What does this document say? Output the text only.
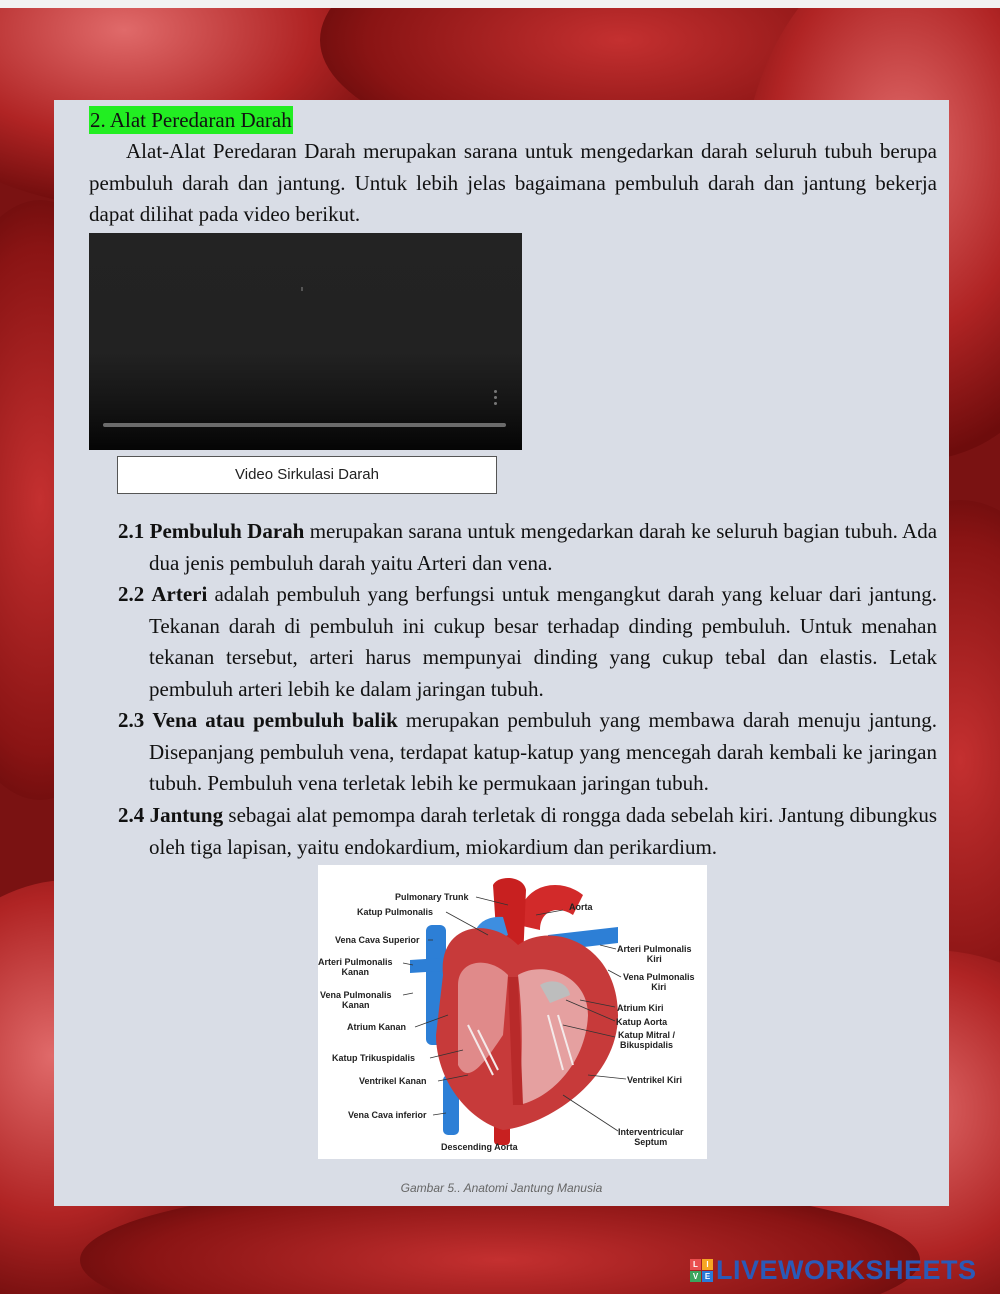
2. Alat Peredaran Darah
Alat-Alat Peredaran Darah merupakan sarana untuk mengedarkan darah seluruh tubuh berupa pembuluh darah dan jantung. Untuk lebih jelas bagaimana pembuluh darah dan jantung bekerja dapat dilihat pada video berikut.
Video Sirkulasi Darah
2.1 Pembuluh Darah merupakan sarana untuk mengedarkan darah ke seluruh bagian tubuh. Ada dua jenis pembuluh darah yaitu Arteri dan vena.
2.2 Arteri adalah pembuluh yang berfungsi untuk mengangkut darah yang keluar dari jantung. Tekanan darah di pembuluh ini cukup besar terhadap dinding pembuluh. Untuk menahan tekanan tersebut, arteri harus mempunyai dinding yang cukup tebal dan elastis. Letak pembuluh arteri lebih ke dalam jaringan tubuh.
2.3 Vena atau pembuluh balik merupakan pembuluh yang membawa darah menuju jantung. Disepanjang pembuluh vena, terdapat katup-katup yang mencegah darah kembali ke jaringan tubuh. Pembuluh vena terletak lebih ke permukaan jaringan tubuh.
2.4 Jantung sebagai alat pemompa darah terletak di rongga dada sebelah kiri. Jantung dibungkus oleh tiga lapisan, yaitu endokardium, miokardium dan perikardium.
Pulmonary Trunk
Katup Pulmonalis	Aorta
Vena Cava Superior
Arteri Pulmonalis
Kanan
Vena Pulmonalis
Kanan
Atrium Kanan
Katup Trikuspidalis
Ventrikel Kanan
Vena Cava inferior
Descending Aorta
Arteri Pulmonalis
Kiri
Vena Pulmonalis
Kiri
Atrium Kiri
Katup Aorta
Katup Mitral /
Bikuspidalis
Ventrikel Kiri
Interventricular
Septum
Gambar 5.. Anatomi Jantung Manusia
L	I
V E LIVEWORKSHEETS
